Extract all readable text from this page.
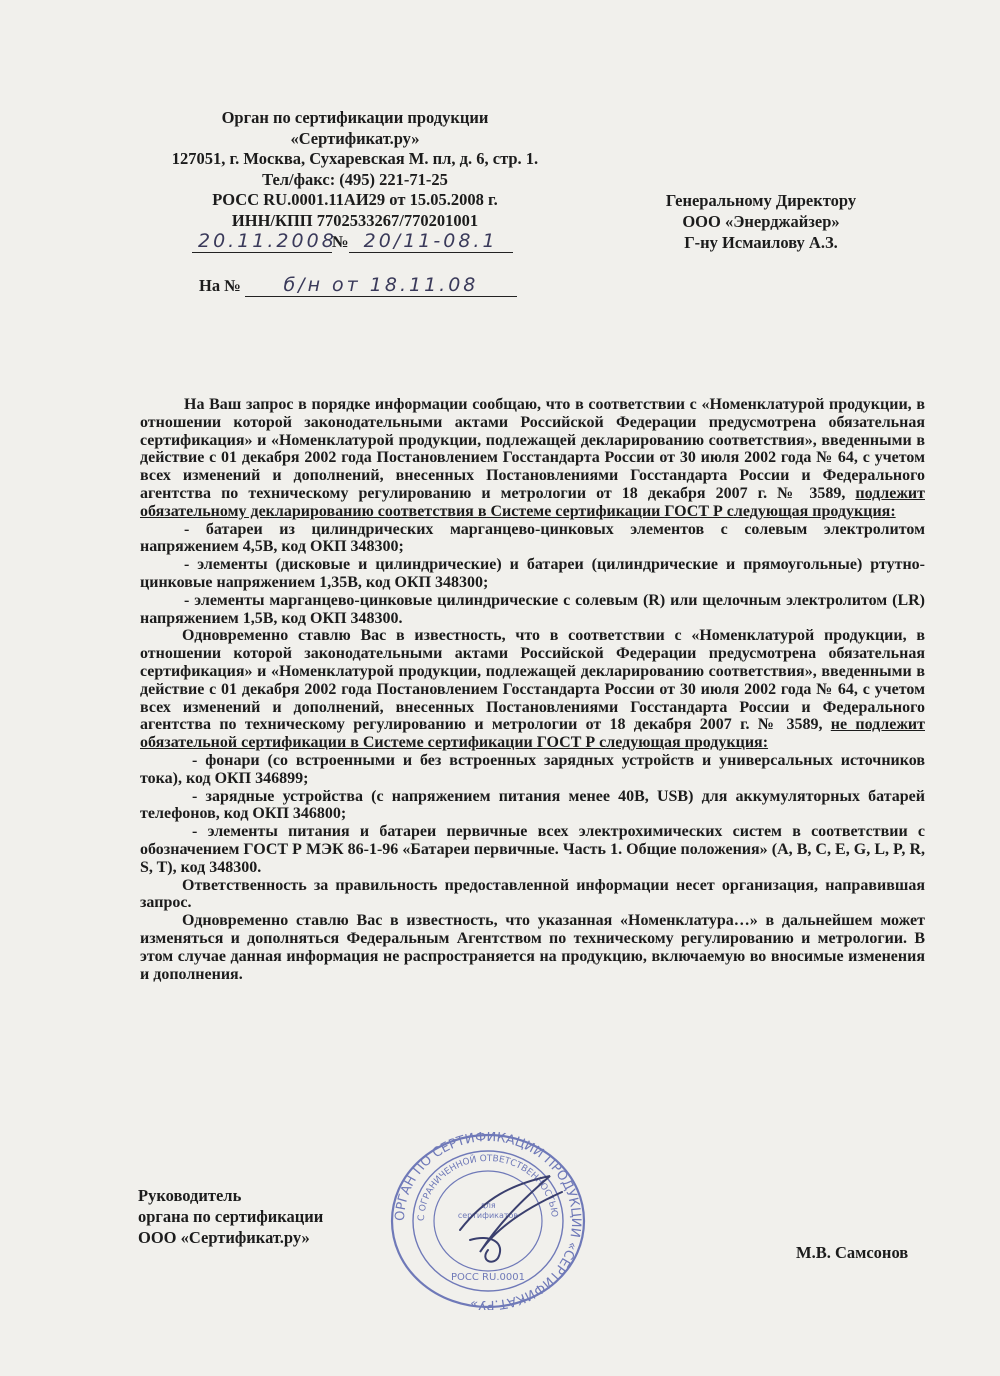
Орган по сертификации продукции
«Сертификат.ру»
127051, г. Москва, Сухаревская М. пл, д. 6, стр. 1.
Тел/факс: (495) 221-71-25
РОСС RU.0001.11АИ29 от 15.05.2008 г.
ИНН/КПП 7702533267/770201001
20.11.2008№ 20/11-08.1
На № б/н от 18.11.08
Генеральному Директору
ООО «Энерджайзер»
Г-ну Исмаилову А.З.

На Ваш запрос в порядке информации сообщаю, что в соответствии с «Номенклатурой продукции, в отношении которой законодательными актами Российской Федерации предусмотрена обязательная сертификация» и «Номенклатурой продукции, подлежащей декларированию соответствия», введенными в действие с 01 декабря 2002 года Постановлением Госстандарта России от 30 июля 2002 года № 64, с учетом всех изменений и дополнений, внесенных Постановлениями Госстандарта России и Федерального агентства по техническому регулированию и метрологии от 18 декабря 2007 г. № 3589, подлежит обязательному декларированию соответствия в Системе сертификации ГОСТ Р следующая продукция:

- батареи из цилиндрических марганцево-цинковых элементов с солевым электролитом напряжением 4,5В, код ОКП 348300;

- элементы (дисковые и цилиндрические) и батареи (цилиндрические и прямоугольные) ртутно-цинковые напряжением 1,35В, код ОКП 348300;

- элементы марганцево-цинковые цилиндрические с солевым (R) или щелочным электролитом (LR) напряжением 1,5В, код ОКП 348300.

Одновременно ставлю Вас в известность, что в соответствии с «Номенклатурой продукции, в отношении которой законодательными актами Российской Федерации предусмотрена обязательная сертификация» и «Номенклатурой продукции, подлежащей декларированию соответствия», введенными в действие с 01 декабря 2002 года Постановлением Госстандарта России от 30 июля 2002 года № 64, с учетом всех изменений и дополнений, внесенных Постановлениями Госстандарта России и Федерального агентства по техническому регулированию и метрологии от 18 декабря 2007 г. № 3589, не подлежит обязательной сертификации в Системе сертификации ГОСТ Р следующая продукция:

- фонари (со встроенными и без встроенных зарядных устройств и универсальных источников тока), код ОКП 346899;

- зарядные устройства (с напряжением питания менее 40В, USB) для аккумуляторных батарей телефонов, код ОКП 346800;

- элементы питания и батареи первичные всех электрохимических систем в соответствии с обозначением ГОСТ Р МЭК 86-1-96 «Батареи первичные. Часть 1. Общие положения» (A, B, C, E, G, L, P, R, S, T), код 348300.

Ответственность за правильность предоставленной информации несет организация, направившая запрос.

Одновременно ставлю Вас в известность, что указанная «Номенклатура…» в дальнейшем может изменяться и дополняться Федеральным Агентством по техническому регулированию и метрологии. В этом случае данная информация не распространяется на продукцию, включаемую во вносимые изменения и дополнения.

Руководитель
органа по сертификации
ООО «Сертификат.ру»
М.В. Самсонов
ОРГАН ПО СЕРТИФИКАЦИИ ПРОДУКЦИИ «СЕРТИФИКАТ.РУ»
С ОГРАНИЧЕННОЙ ОТВЕТСТВЕННОСТЬЮ
для
сертификатов
РОСС RU.0001
